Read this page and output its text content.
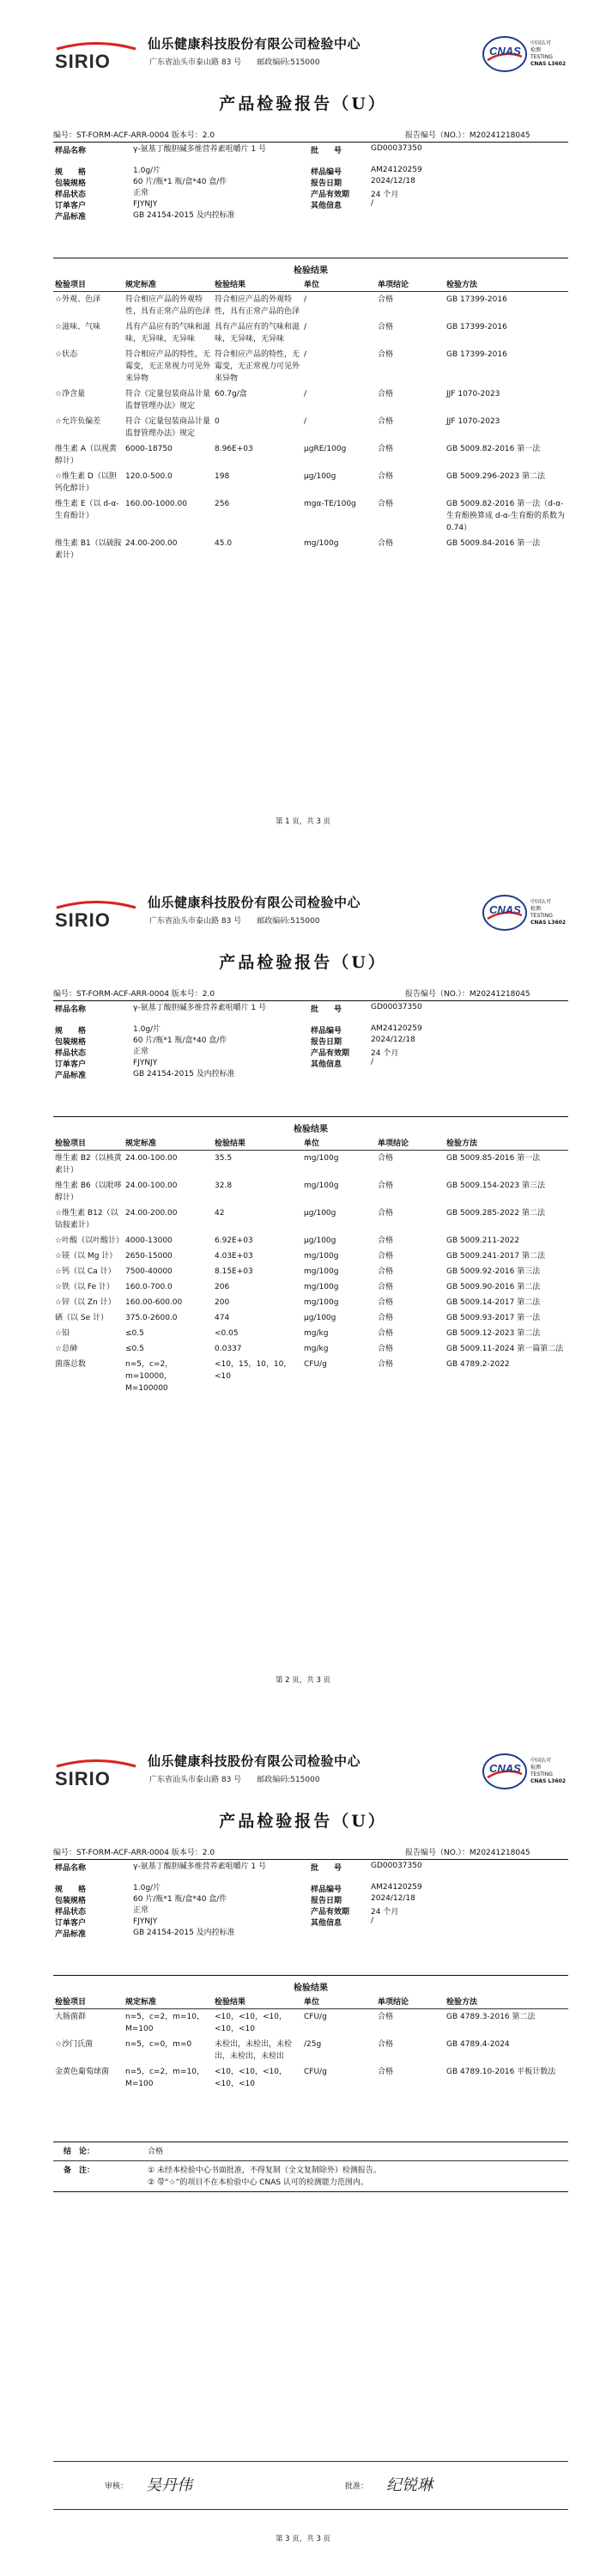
SIRIO
仙乐健康科技股份有限公司检验中心
广东省汕头市泰山路 83 号 邮政编码:515000
CNAS
中国认可
检测
TESTING
CNAS L3602
产品检验报告（U）
编号：ST-FORM-ACF-ARR-0004 版本号：2.0	报告编号（NO.）：M20241218045
样品名称	γ-氨基丁酸胆碱多维营养素咀嚼片 1 号	批　　号	GD00037350
规　　格	1.0g/片	样品编号	AM24120259
包装规格	60 片/瓶*1 瓶/盒*40 盒/件	报告日期	2024/12/18
样品状态	正常	产品有效期	24 个月
订单客户	FJYNJY	其他信息	/
产品标准	GB 24154-2015 及内控标准
检验结果
检验项目	规定标准	检验结果	单位	单项结论	检验方法
☆外观、色泽	符合相应产品的外观特性，具有正常产品的色泽	符合相应产品的外观特性，具有正常产品的色泽	/	合格	GB 17399-2016
☆滋味、气味	具有产品应有的气味和滋味，无异味，无异味	具有产品应有的气味和滋味，无异味，无异味	/	合格	GB 17399-2016
☆状态	符合相应产品的特性，无霉变，无正常视力可见外来异物	符合相应产品的特性，无霉变，无正常视力可见外来异物	/	合格	GB 17399-2016
☆净含量	符合《定量包装商品计量监督管理办法》规定	60.7g/盒	/	合格	JJF 1070-2023
☆允许负偏差	符合《定量包装商品计量监督管理办法》规定	0	/	合格	JJF 1070-2023
维生素 A（以视黄醇计）	6000-18750	8.96E+03	μgRE/100g	合格	GB 5009.82-2016 第一法
☆维生素 D（以胆钙化醇计）	120.0-500.0	198	μg/100g	合格	GB 5009.296-2023 第二法
维生素 E（以 d-α-生育酚计）	160.00-1000.00	256	mgα-TE/100g	合格	GB 5009.82-2016 第一法（d-α-生育酚换算成 d-α-生育酚的系数为 0.74）
维生素 B1（以硫胺素计）	24.00-200.00	45.0	mg/100g	合格	GB 5009.84-2016 第一法
第 1 页，共 3 页
SIRIO
仙乐健康科技股份有限公司检验中心
广东省汕头市泰山路 83 号 邮政编码:515000
CNAS
中国认可
检测
TESTING
CNAS L3602
产品检验报告（U）
编号：ST-FORM-ACF-ARR-0004 版本号：2.0	报告编号（NO.）：M20241218045
样品名称	γ-氨基丁酸胆碱多维营养素咀嚼片 1 号	批　　号	GD00037350
规　　格	1.0g/片	样品编号	AM24120259
包装规格	60 片/瓶*1 瓶/盒*40 盒/件	报告日期	2024/12/18
样品状态	正常	产品有效期	24 个月
订单客户	FJYNJY	其他信息	/
产品标准	GB 24154-2015 及内控标准
检验结果
检验项目	规定标准	检验结果	单位	单项结论	检验方法
维生素 B2（以核黄素计）	24.00-100.00	35.5	mg/100g	合格	GB 5009.85-2016 第一法
维生素 B6（以吡哆醇计）	24.00-100.00	32.8	mg/100g	合格	GB 5009.154-2023 第三法
☆维生素 B12（以钴胺素计）	24.00-200.00	42	μg/100g	合格	GB 5009.285-2022 第二法
☆叶酸（以叶酸计）	4000-13000	6.92E+03	μg/100g	合格	GB 5009.211-2022
☆镁（以 Mg 计）	2650-15000	4.03E+03	mg/100g	合格	GB 5009.241-2017 第二法
☆钙（以 Ca 计）	7500-40000	8.15E+03	mg/100g	合格	GB 5009.92-2016 第三法
☆铁（以 Fe 计）	160.0-700.0	206	mg/100g	合格	GB 5009.90-2016 第二法
☆锌（以 Zn 计）	160.00-600.00	200	mg/100g	合格	GB 5009.14-2017 第二法
硒（以 Se 计）	375.0-2600.0	474	μg/100g	合格	GB 5009.93-2017 第一法
☆铅	≤0.5	<0.05	mg/kg	合格	GB 5009.12-2023 第二法
☆总砷	≤0.5	0.0337	mg/kg	合格	GB 5009.11-2024 第一篇第二法
菌落总数	n=5，c=2，m=10000，M=100000	<10，15，10，10，<10	CFU/g	合格	GB 4789.2-2022
第 2 页，共 3 页
SIRIO
仙乐健康科技股份有限公司检验中心
广东省汕头市泰山路 83 号 邮政编码:515000
CNAS
中国认可
检测
TESTING
CNAS L3602
产品检验报告（U）
编号：ST-FORM-ACF-ARR-0004 版本号：2.0	报告编号（NO.）：M20241218045
样品名称	γ-氨基丁酸胆碱多维营养素咀嚼片 1 号	批　　号	GD00037350
规　　格	1.0g/片	样品编号	AM24120259
包装规格	60 片/瓶*1 瓶/盒*40 盒/件	报告日期	2024/12/18
样品状态	正常	产品有效期	24 个月
订单客户	FJYNJY	其他信息	/
产品标准	GB 24154-2015 及内控标准
检验结果
检验项目	规定标准	检验结果	单位	单项结论	检验方法
大肠菌群	n=5，c=2，m=10，M=100	<10，<10，<10，<10，<10	CFU/g	合格	GB 4789.3-2016 第二法
☆沙门氏菌	n=5，c=0，m=0	未检出，未检出，未检出，未检出，未检出	/25g	合格	GB 4789.4-2024
金黄色葡萄球菌	n=5，c=2，m=10，M=100	<10，<10，<10，<10，<10	CFU/g	合格	GB 4789.10-2016 平板计数法
结　论：	合格
备　注：	① 未经本检验中心书面批准，不得复制（全文复制除外）检测报告。
② 带“☆”的项目不在本检验中心 CNAS 认可的检测能力范围内。
审核： 吴丹伟	批准： 纪锐琳
第 3 页，共 3 页
